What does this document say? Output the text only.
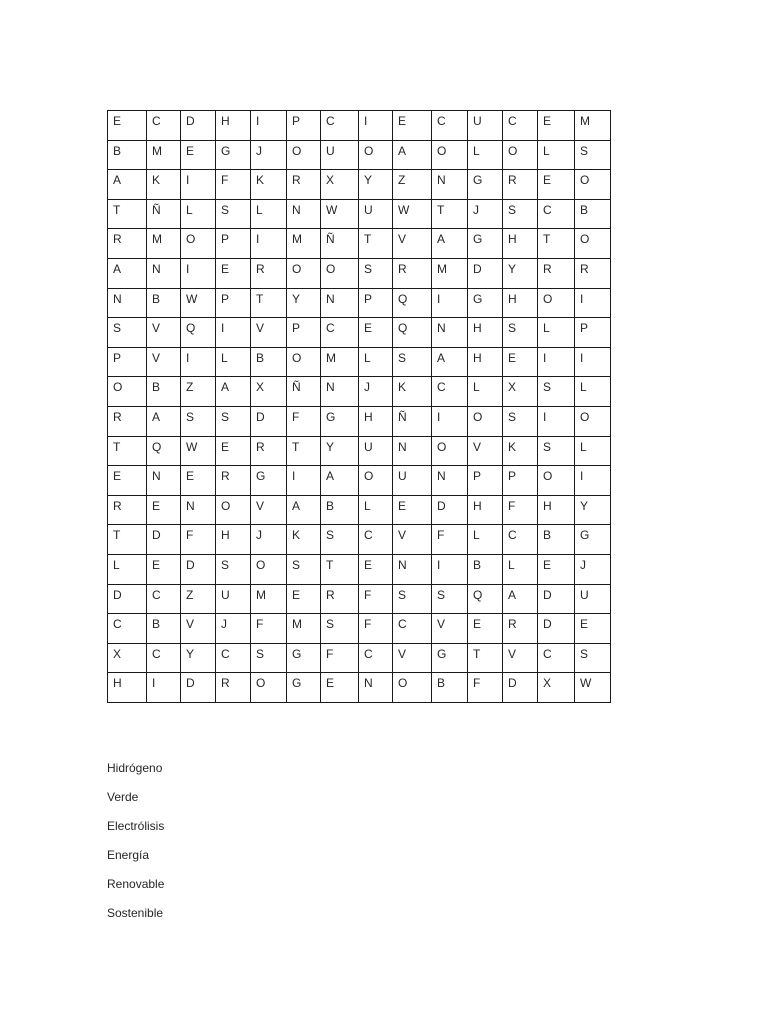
E	C	D	H	I	P	C	I	E	C	U	C	E	M
B	M	E	G	J	O	U	O	A	O	L	O	L	S
A	K	I	F	K	R	X	Y	Z	N	G	R	E	O
T	Ñ	L	S	L	N	W	U	W	T	J	S	C	B
R	M	O	P	I	M	Ñ	T	V	A	G	H	T	O
A	N	I	E	R	O	O	S	R	M	D	Y	R	R
N	B	W	P	T	Y	N	P	Q	I	G	H	O	I
S	V	Q	I	V	P	C	E	Q	N	H	S	L	P
P	V	I	L	B	O	M	L	S	A	H	E	I	I
O	B	Z	A	X	Ñ	N	J	K	C	L	X	S	L
R	A	S	S	D	F	G	H	Ñ	I	O	S	I	O
T	Q	W	E	R	T	Y	U	N	O	V	K	S	L
E	N	E	R	G	I	A	O	U	N	P	P	O	I
R	E	N	O	V	A	B	L	E	D	H	F	H	Y
T	D	F	H	J	K	S	C	V	F	L	C	B	G
L	E	D	S	O	S	T	E	N	I	B	L	E	J
D	C	Z	U	M	E	R	F	S	S	Q	A	D	U
C	B	V	J	F	M	S	F	C	V	E	R	D	E
X	C	Y	C	S	G	F	C	V	G	T	V	C	S
H	I	D	R	O	G	E	N	O	B	F	D	X	W
Hidrógeno
Verde
Electrólisis
Energía
Renovable
Sostenible
